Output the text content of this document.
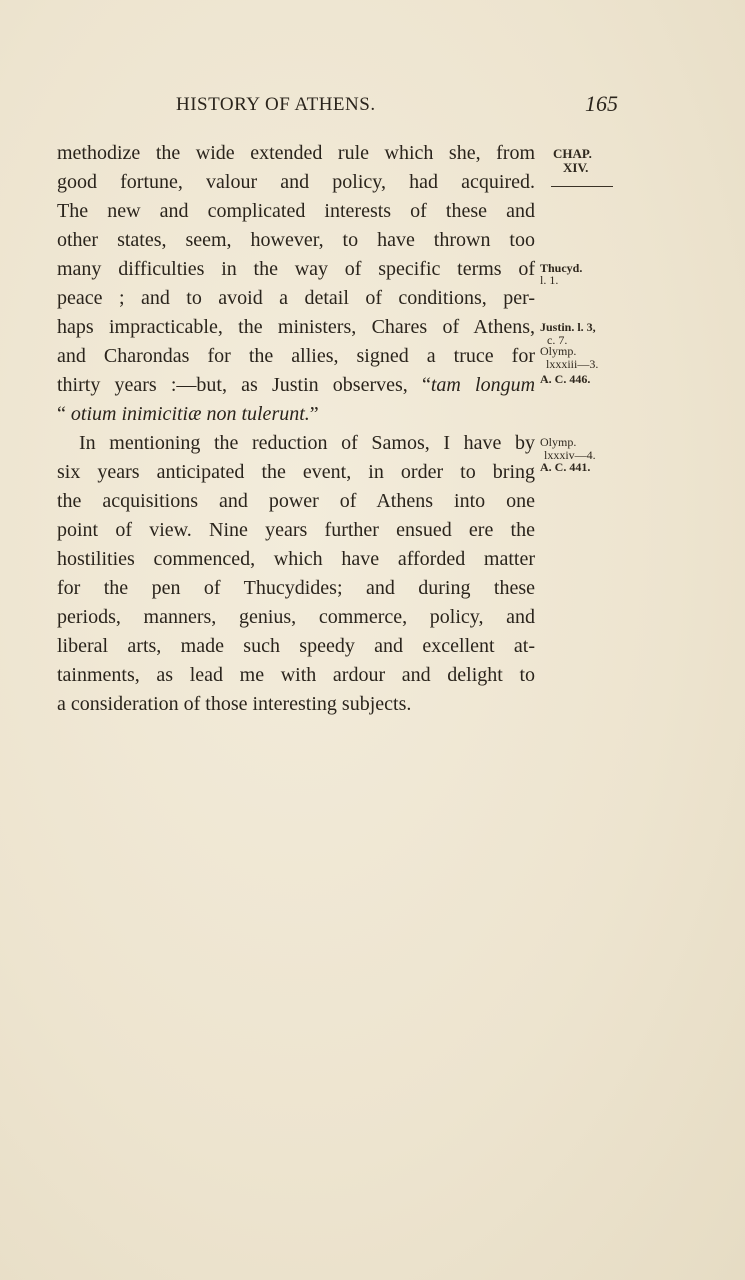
HISTORY OF ATHENS.	165
methodize the wide extended rule which she, from
good fortune, valour and policy, had acquired.
The new and complicated interests of these and
other states, seem, however, to have thrown too
many difficulties in the way of specific terms of
peace ; and to avoid a detail of conditions, per-
haps impracticable, the ministers, Chares of Athens,
and Charondas for the allies, signed a truce for
thirty years :—but, as Justin observes, “tam longum
“ otium inimicitiæ non tulerunt.”
In mentioning the reduction of Samos, I have by
six years anticipated the event, in order to bring
the acquisitions and power of Athens into one
point of view. Nine years further ensued ere the
hostilities commenced, which have afforded matter
for the pen of Thucydides; and during these
periods, manners, genius, commerce, policy, and
liberal arts, made such speedy and excellent at-
tainments, as lead me with ardour and delight to
a consideration of those interesting subjects.
CHAP.
XIV.
Thucyd.
l. 1.
Justin. l. 3,
c. 7.
Olymp.
lxxxiii—3.
A. C. 446.
Olymp.
lxxxiv—4.
A. C. 441.
